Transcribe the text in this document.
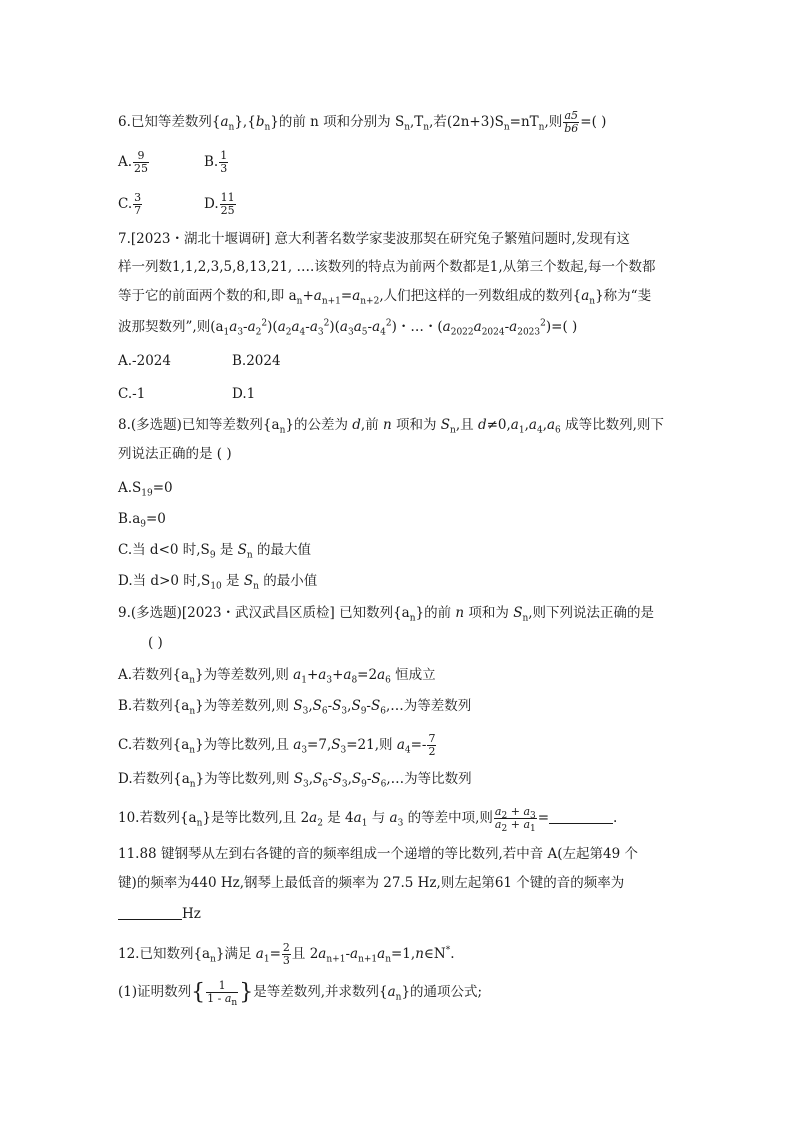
6.已知等差数列$\{a_n\},\{b_n\}$的前 n 项和分别为 $S_n,T_n$,若$(2n+3)S_n=nT_n$,则 $\frac{a5}{b6}$ =( )
A. $\frac{9}{25}$	B. $\frac{1}{3}$
C. $\frac{3}{7}$	D. $\frac{11}{25}$
7.[2023・湖北十堰调研] 意大利著名数学家斐波那契在研究兔子繁殖问题时,发现有这
样一列数1,1,2,3,5,8,13,21, ….该数列的特点为前两个数都是1,从第三个数起,每一个数都
等于它的前面两个数的和,即 $a_n+a_{n+1}=a_{n+2}$,人们把这样的一列数组成的数列$\{a_n\}$称为“斐
波那契数列”,则$(a_1a_3-a_2^2)(a_2a_4-a_3^2)(a_3a_5-a_4^2)$・…・$(a_{2022}a_{2024}-a_{2023}^2)=$( )
A.-2024	B.2024
C.-1	D.1
8.(多选题)已知等差数列$\{a_n\}$的公差为 d,前 n 项和为 $S_n$,且 $d\ne 0,a_1,a_4,a_6$ 成等比数列,则下
列说法正确的是 ( )
$A.S_{19}=0$
$B.a_9=0$
C.当 d<0 时$,S_9$ 是 $S_n$ 的最大值
D.当 d>0 时$,S_{10}$ 是 $S_n$ 的最小值
9.(多选题)[2023・武汉武昌区质检] 已知数列$\{a_n\}$的前 n 项和为 $S_n$,则下列说法正确的是
( )
A.若数列$\{a_n\}$为等差数列,则 $a_1+a_3+a_8=2a_6$ 恒成立
B.若数列$\{a_n\}$为等差数列,则 $S_3,S_6-S_3,S_9-S_6,\dots$为等差数列
C.若数列$\{a_n\}$为等比数列,且 $a_3=7,S_3=21$,则 $a_4=- \frac{7}{2}$
D.若数列$\{a_n\}$为等比数列,则 $S_3,S_6-S_3,S_9-S_6,\dots$为等比数列
10.若数列$\{a_n\}$是等比数列,且 $2a_2$ 是 $4a_1$ 与 $a_3$ 的等差中项,则 $\frac{a_2 + a_3}{a_2 + a_1}$ =	.
11.88 键钢琴从左到右各键的音的频率组成一个递增的等比数列,若中音 A(左起第49 个
键)的频率为440 Hz,钢琴上最低音的频率为 27.5 Hz,则左起第61 个键的音的频率为
Hz
12.已知数列$\{a_n\}$满足 $a_1= \frac{2}{3}$ 且 $2a_{n+1}-a_{n+1}a_n=1,n\in N^*$.
(1)证明数列{ $\frac{1}{1 - a_n}$ }是等差数列,并求数列$\{a_n\}$的通项公式;
